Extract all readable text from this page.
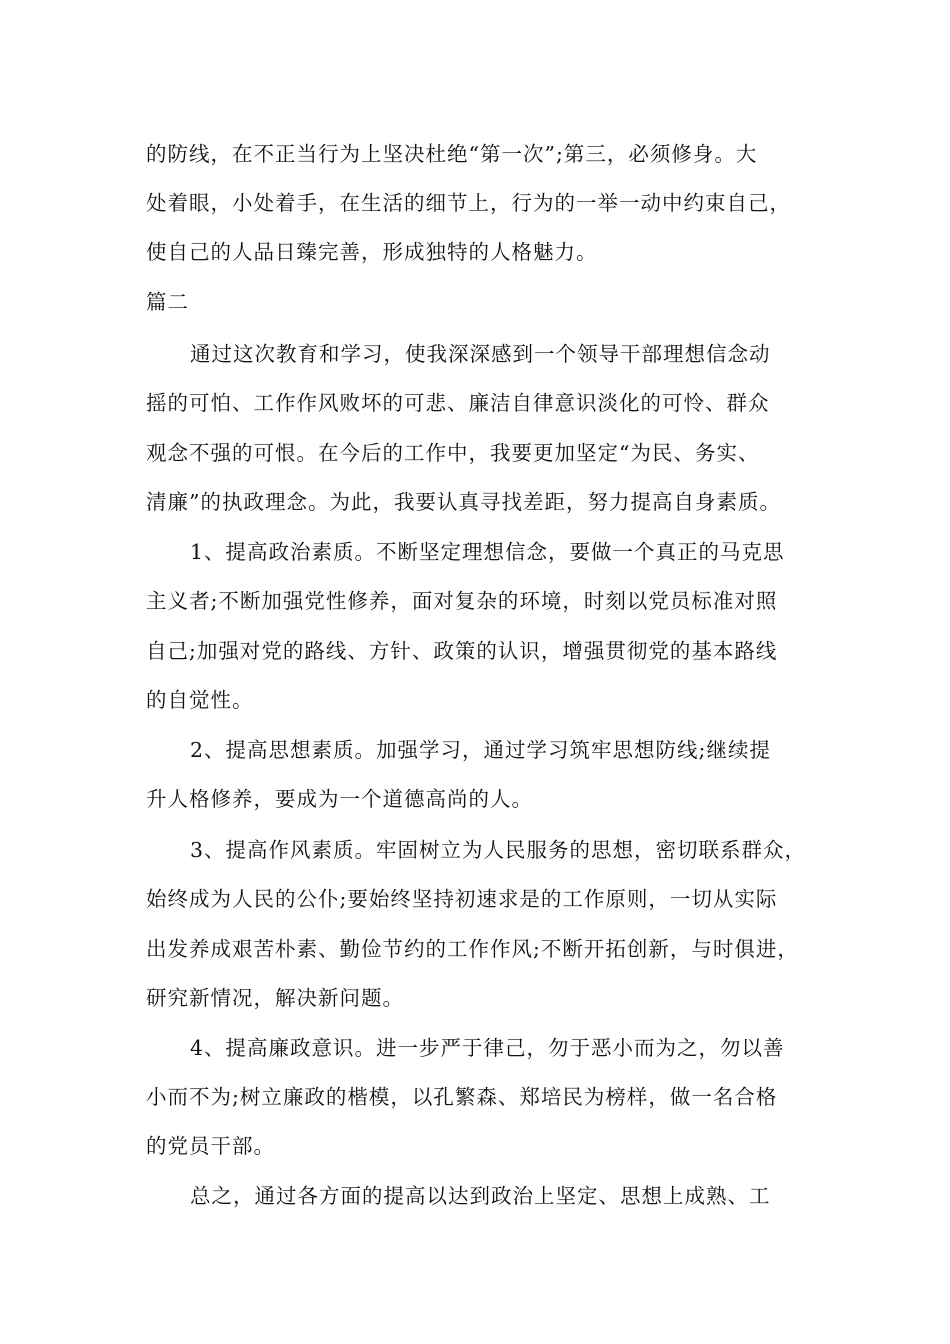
的防线，在不正当行为上坚决杜绝“第一次”;第三，必须修身。大
处着眼，小处着手，在生活的细节上，行为的一举一动中约束自己，
使自己的人品日臻完善，形成独特的人格魅力。
篇二
通过这次教育和学习，使我深深感到一个领导干部理想信念动
摇的可怕、工作作风败坏的可悲、廉洁自律意识淡化的可怜、群众
观念不强的可恨。在今后的工作中，我要更加坚定“为民、务实、
清廉”的执政理念。为此，我要认真寻找差距，努力提高自身素质。
1、提高政治素质。不断坚定理想信念，要做一个真正的马克思
主义者;不断加强党性修养，面对复杂的环境，时刻以党员标准对照
自己;加强对党的路线、方针、政策的认识，增强贯彻党的基本路线
的自觉性。
2、提高思想素质。加强学习，通过学习筑牢思想防线;继续提
升人格修养，要成为一个道德高尚的人。
3、提高作风素质。牢固树立为人民服务的思想，密切联系群众，
始终成为人民的公仆;要始终坚持初速求是的工作原则，一切从实际
出发养成艰苦朴素、勤俭节约的工作作风;不断开拓创新，与时俱进，
研究新情况，解决新问题。
4、提高廉政意识。进一步严于律己，勿于恶小而为之，勿以善
小而不为;树立廉政的楷模，以孔繁森、郑培民为榜样，做一名合格
的党员干部。
总之，通过各方面的提高以达到政治上坚定、思想上成熟、工
